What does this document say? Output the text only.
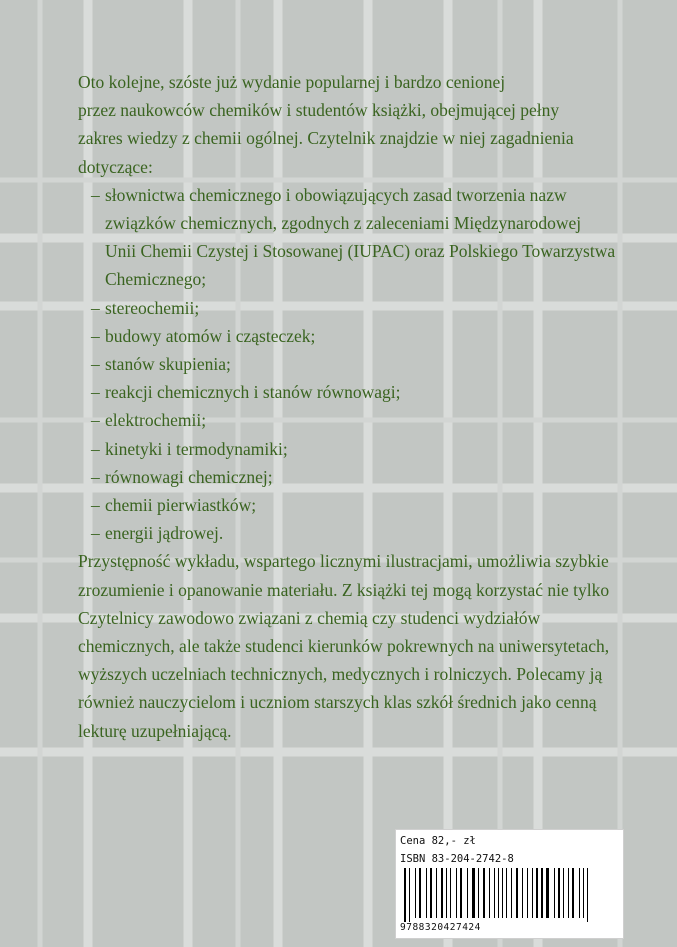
Oto kolejne, szóste już wydanie popularnej i bardzo cenionej
przez naukowców chemików i studentów książki, obejmującej pełny
zakres wiedzy z chemii ogólnej. Czytelnik znajdzie w niej zagadnienia
dotyczące:

– słownictwa chemicznego i obowiązujących zasad tworzenia nazw
związków chemicznych, zgodnych z zaleceniami Międzynarodowej
Unii Chemii Czystej i Stosowanej (IUPAC) oraz Polskiego Towarzystwa
Chemicznego;
– stereochemii;
– budowy atomów i cząsteczek;
– stanów skupienia;
– reakcji chemicznych i stanów równowagi;
– elektrochemii;
– kinetyki i termodynamiki;
– równowagi chemicznej;
– chemii pierwiastków;
– energii jądrowej.

Przystępność wykładu, wspartego licznymi ilustracjami, umożliwia szybkie
zrozumienie i opanowanie materiału. Z książki tej mogą korzystać nie tylko
Czytelnicy zawodowo związani z chemią czy studenci wydziałów
chemicznych, ale także studenci kierunków pokrewnych na uniwersytetach,
wyższych uczelniach technicznych, medycznych i rolniczych. Polecamy ją
również nauczycielom i uczniom starszych klas szkół średnich jako cenną
lekturę uzupełniającą.

Cena 82,- zł
ISBN 83-204-2742-8
9788320427424
